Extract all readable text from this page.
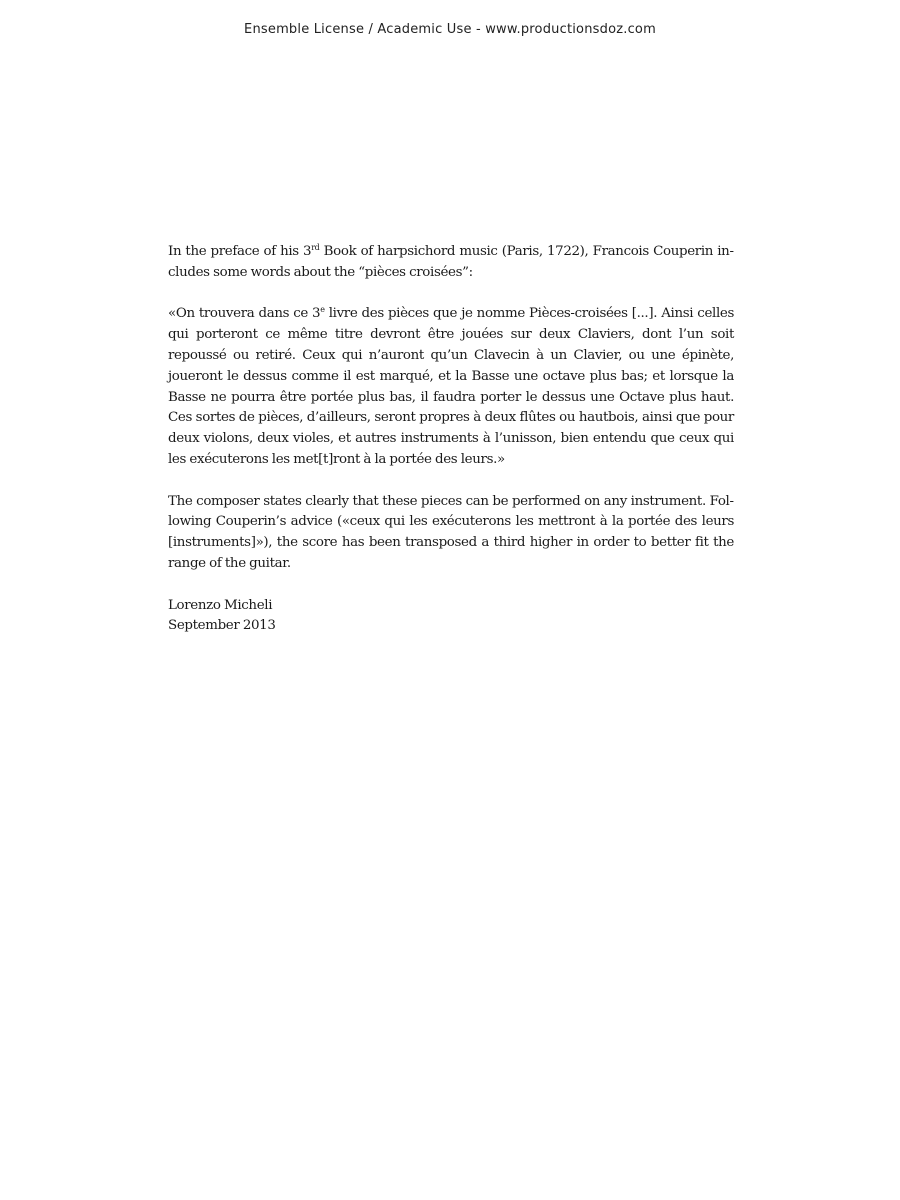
Ensemble License / Academic Use - www.productionsdoz.com

In the preface of his 3rd Book of harpsichord music (Paris, 1722), Francois Couperin includes some words about the “pièces croisées”:

«On trouvera dans ce 3e livre des pièces que je nomme Pièces-croisées [...]. Ainsi celles qui porteront ce même titre devront être jouées sur deux Claviers, dont l’un soit repoussé ou retiré. Ceux qui n’auront qu’un Clavecin à un Clavier, ou une épinète, joueront le dessus comme il est marqué, et la Basse une octave plus bas; et lorsque la Basse ne pourra être portée plus bas, il faudra porter le dessus une Octave plus haut. Ces sortes de pièces, d’ailleurs, seront propres à deux flûtes ou hautbois, ainsi que pour deux violons, deux violes, et autres instruments à l’unisson, bien entendu que ceux qui les exécuterons les met[t]ront à la portée des leurs.»

The composer states clearly that these pieces can be performed on any instrument. Following Couperin’s advice («ceux qui les exécuterons les mettront à la portée des leurs [instruments]»), the score has been transposed a third higher in order to better fit the range of the guitar.

Lorenzo Micheli
September 2013
